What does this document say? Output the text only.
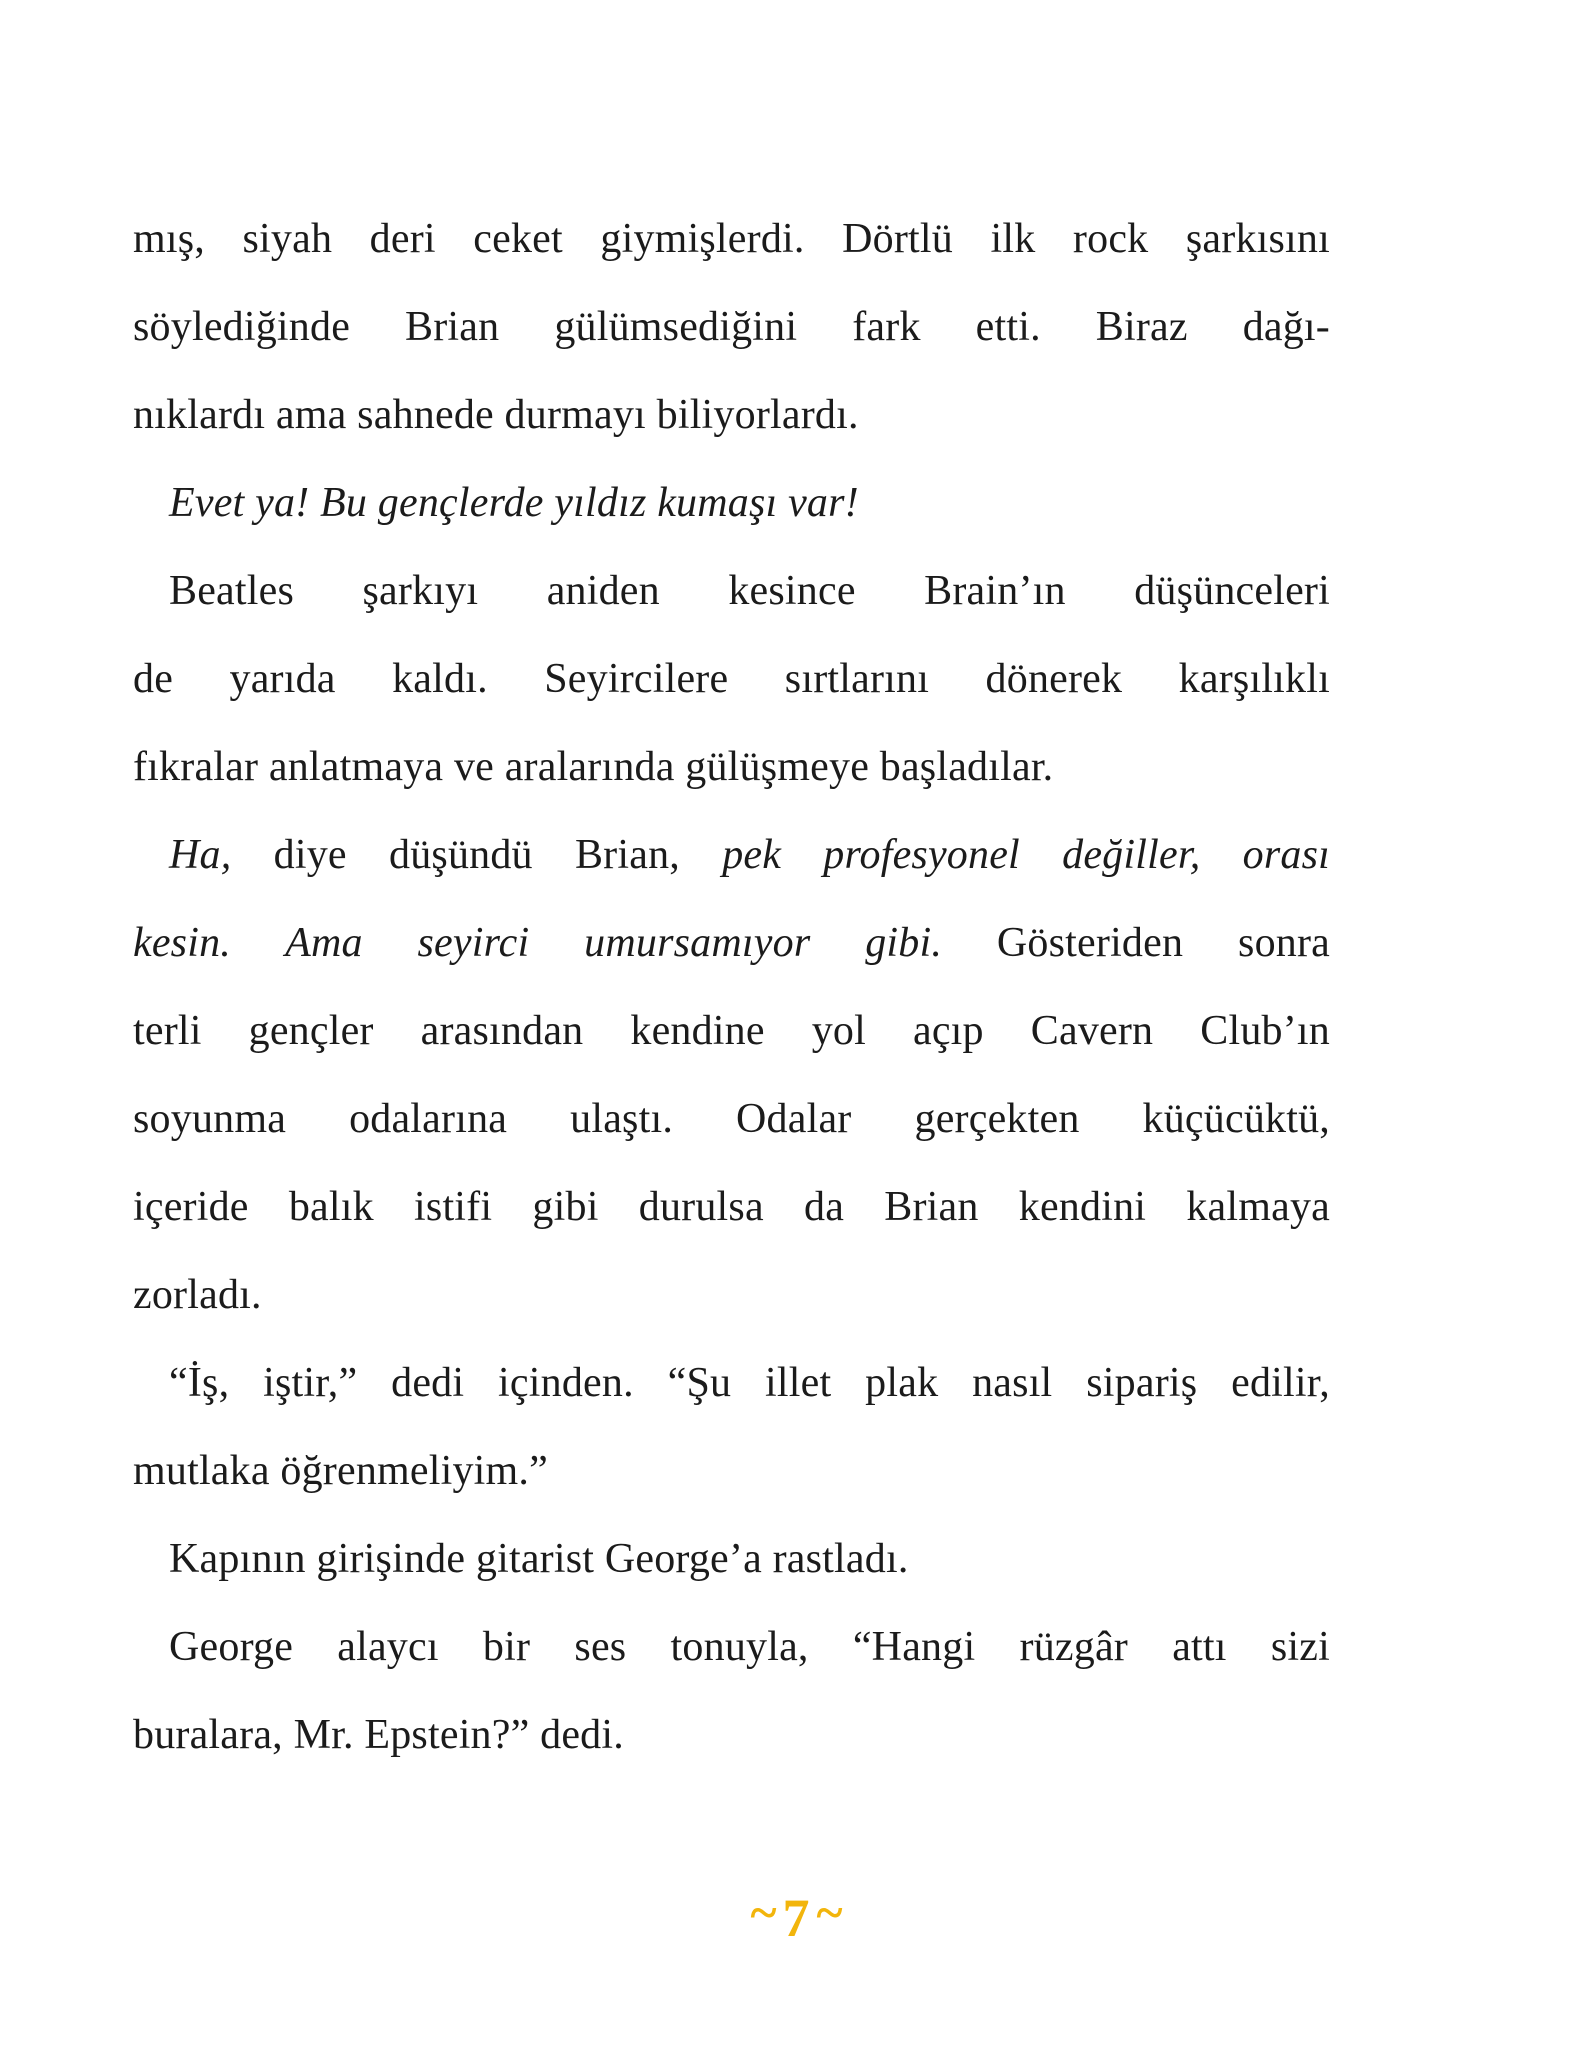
mış, siyah deri ceket giymişlerdi. Dörtlü ilk rock şarkısını
söylediğinde Brian gülümsediğini fark etti. Biraz dağı-
nıklardı ama sahnede durmayı biliyorlardı.
Evet ya! Bu gençlerde yıldız kumaşı var!
Beatles şarkıyı aniden kesince Brain’ın düşünceleri
de yarıda kaldı. Seyircilere sırtlarını dönerek karşılıklı
fıkralar anlatmaya ve aralarında gülüşmeye başladılar.
Ha, diye düşündü Brian, pek profesyonel değiller, orası
kesin. Ama seyirci umursamıyor gibi. Gösteriden sonra
terli gençler arasından kendine yol açıp Cavern Club’ın
soyunma odalarına ulaştı. Odalar gerçekten küçücüktü,
içeride balık istifi gibi durulsa da Brian kendini kalmaya
zorladı.
“İş, iştir,” dedi içinden. “Şu illet plak nasıl sipariş edilir,
mutlaka öğrenmeliyim.”
Kapının girişinde gitarist George’a rastladı.
George alaycı bir ses tonuyla, “Hangi rüzgâr attı sizi
buralara, Mr. Epstein?” dedi.
~ 7 ~
